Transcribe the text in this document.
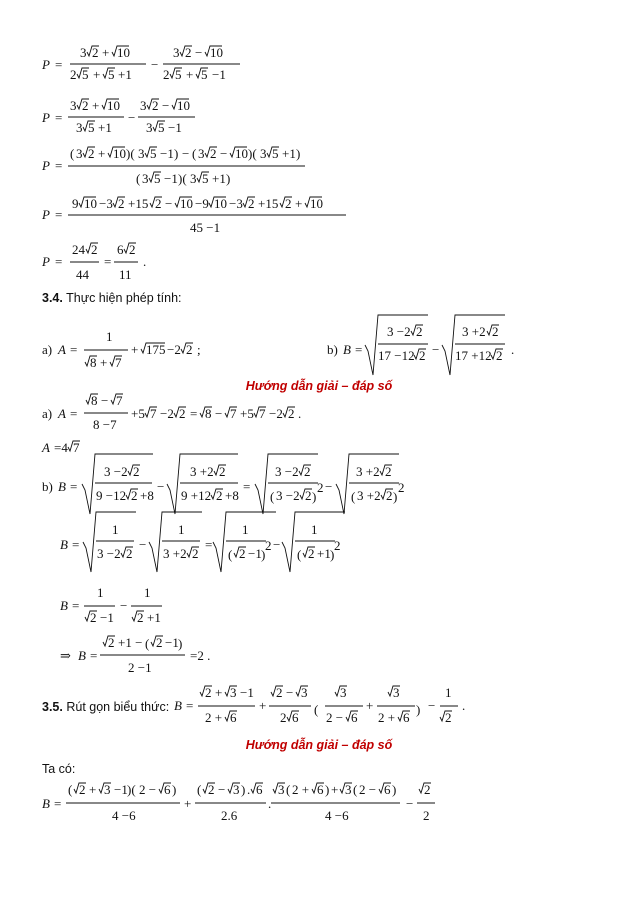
P =
3 2 + 10
2 5 + 5 +1
−
3 2 − 10
2 5 + 5 −1
P =
3 2 + 10
3 5 +1
−
3 2 − 10
3 5 −1
P =
( 3 2 + 10 )( 3 5 −1 ) − ( 3 2 − 10 )( 3 5 +1 )
( 3 5 −1 )( 3 5 +1 )
P =
9 10 −3 2 +15 2 − 10 −9 10 −3 2 +15 2 + 10
45 −1
P =
24 2
44
=
6 2
11
.
a) A =
1
8 + 7
+ 175 −2 2 ;	b) B =
3 −2 2
17 −12 2 −
3 +2 2
17 +12 2 .
a) A =
8 − 7
8 −7
+5 7 −2 2 = 8 − 7 +5 7 −2 2 .
A =4 7
b) B =
3 −2 2
9 −12 2 +8
−
3 +2 2
9 +12 2 +8
=
3 −2 2
( 3 −2 2 )
2 −
3 +2 2
( 3 +2 2 )
2
B =
1
3 −2 2
−
1
3 +2 2
=
1
( 2 −1 )
2 −
1
( 2 +1 )
2
B =
1
2 −1
−
1
2 +1
⇒ B =
2 +1 − ( 2 −1 )
2 −1
=2 .
B =
2 + 3 −1
2 + 6
+
2 − 3
2 6
(
3
2 − 6
+
3
2 + 6
) −
1
2
.
B =
( 2 + 3 −1 )( 2 − 6 )
4 −6
+
( 2 − 3 ) . 6
2.6
.
3 ( 2 + 6 ) + 3 ( 2 − 6 )
4 −6
−
2
2
3.4. Thực hiện phép tính:
Hướng dẫn giải – đáp số
3.5. Rút gọn biểu thức:
Hướng dẫn giải – đáp số
Ta có:
